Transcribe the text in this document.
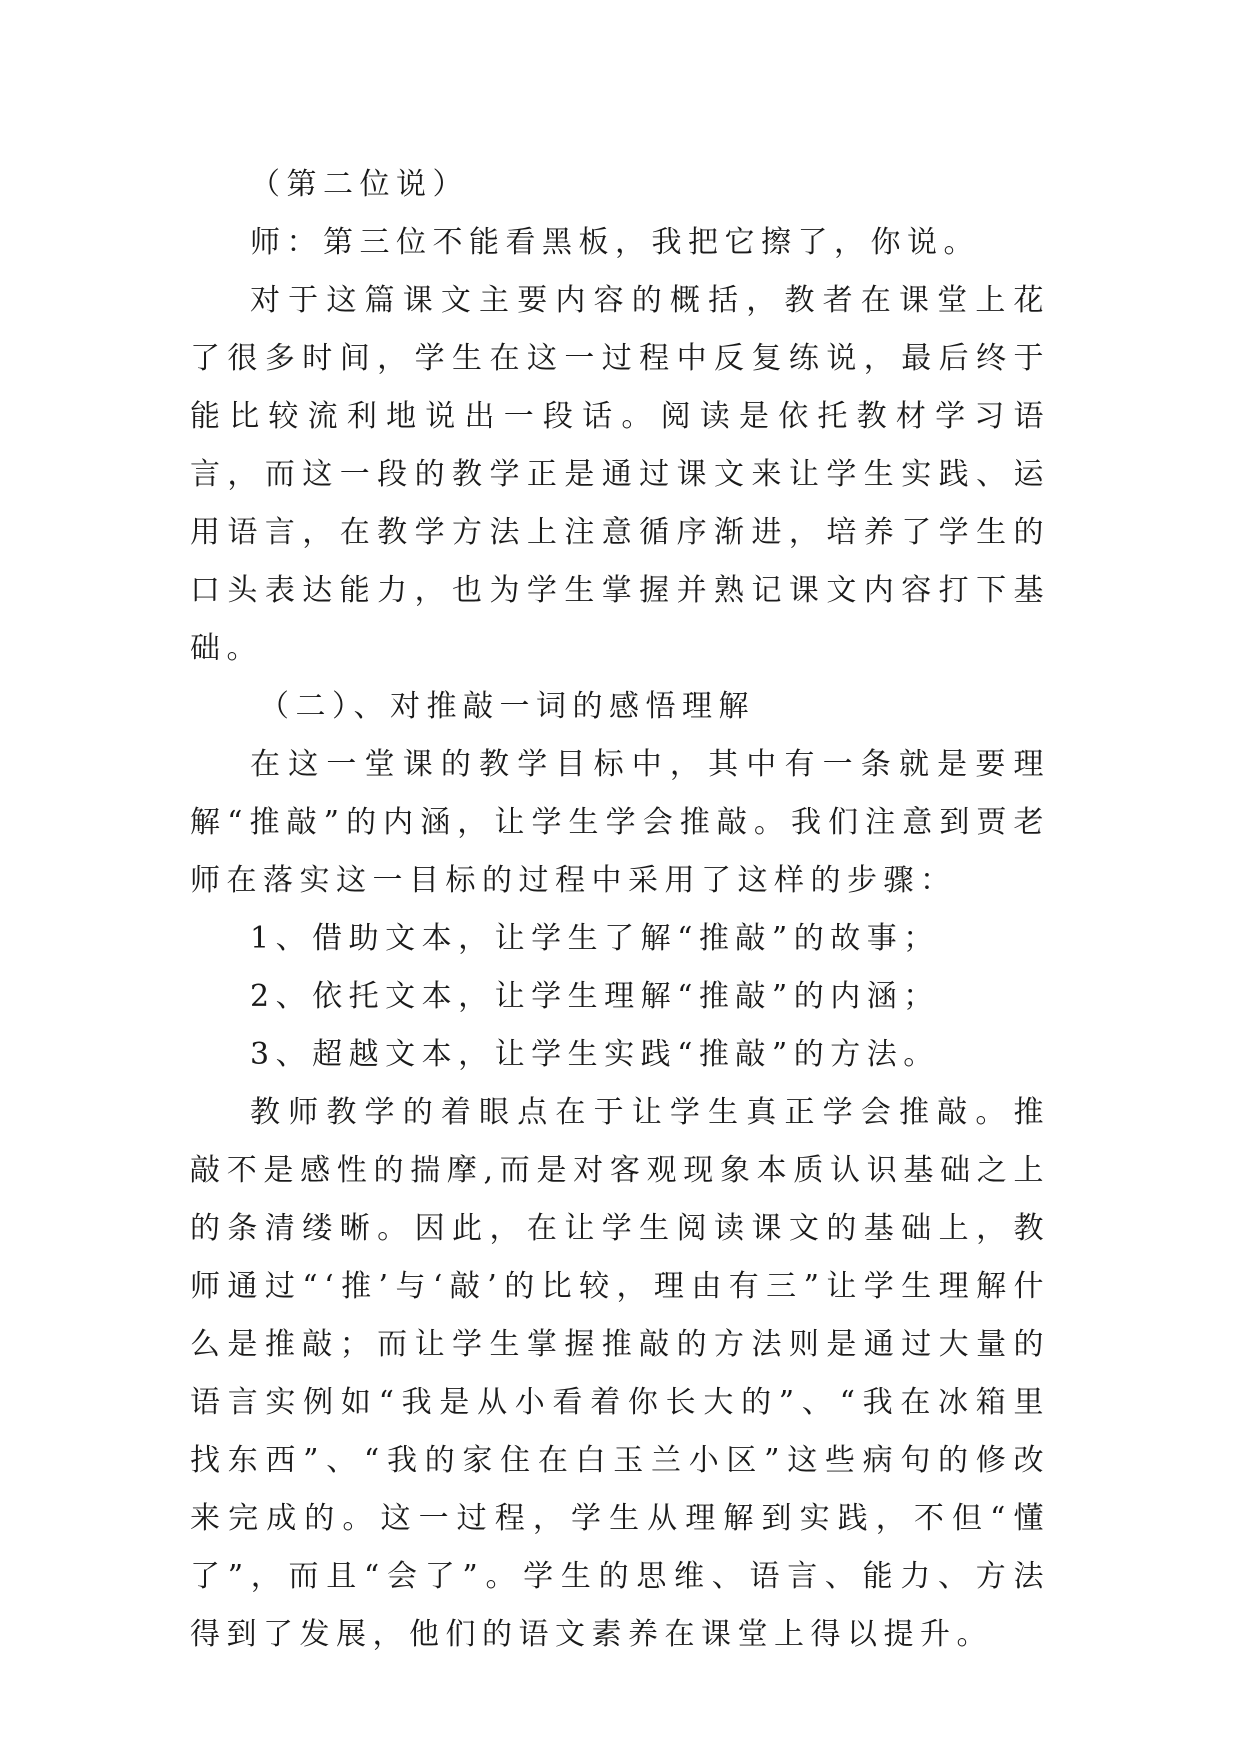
（第二位说）

师：第三位不能看黑板，我把它擦了，你说。

对于这篇课文主要内容的概括，教者在课堂上花了很多时间，学生在这一过程中反复练说，最后终于能比较流利地说出一段话。阅读是依托教材学习语言，而这一段的教学正是通过课文来让学生实践、运用语言，在教学方法上注意循序渐进，培养了学生的口头表达能力，也为学生掌握并熟记课文内容打下基础。

（二）、对推敲一词的感悟理解

在这一堂课的教学目标中，其中有一条就是要理解“推敲”的内涵，让学生学会推敲。我们注意到贾老师在落实这一目标的过程中采用了这样的步骤：

1、借助文本，让学生了解“推敲”的故事；

2、依托文本，让学生理解“推敲”的内涵；

3、超越文本，让学生实践“推敲”的方法。

教师教学的着眼点在于让学生真正学会推敲。推敲不是感性的揣摩,而是对客观现象本质认识基础之上的条清缕晰。因此，在让学生阅读课文的基础上，教师通过“‘推’与‘敲’的比较，理由有三”让学生理解什么是推敲；而让学生掌握推敲的方法则是通过大量的语言实例如“我是从小看着你长大的”、“我在冰箱里找东西”、“我的家住在白玉兰小区”这些病句的修改来完成的。这一过程，学生从理解到实践，不但“懂了”，而且“会了”。学生的思维、语言、能力、方法得到了发展，他们的语文素养在课堂上得以提升。
